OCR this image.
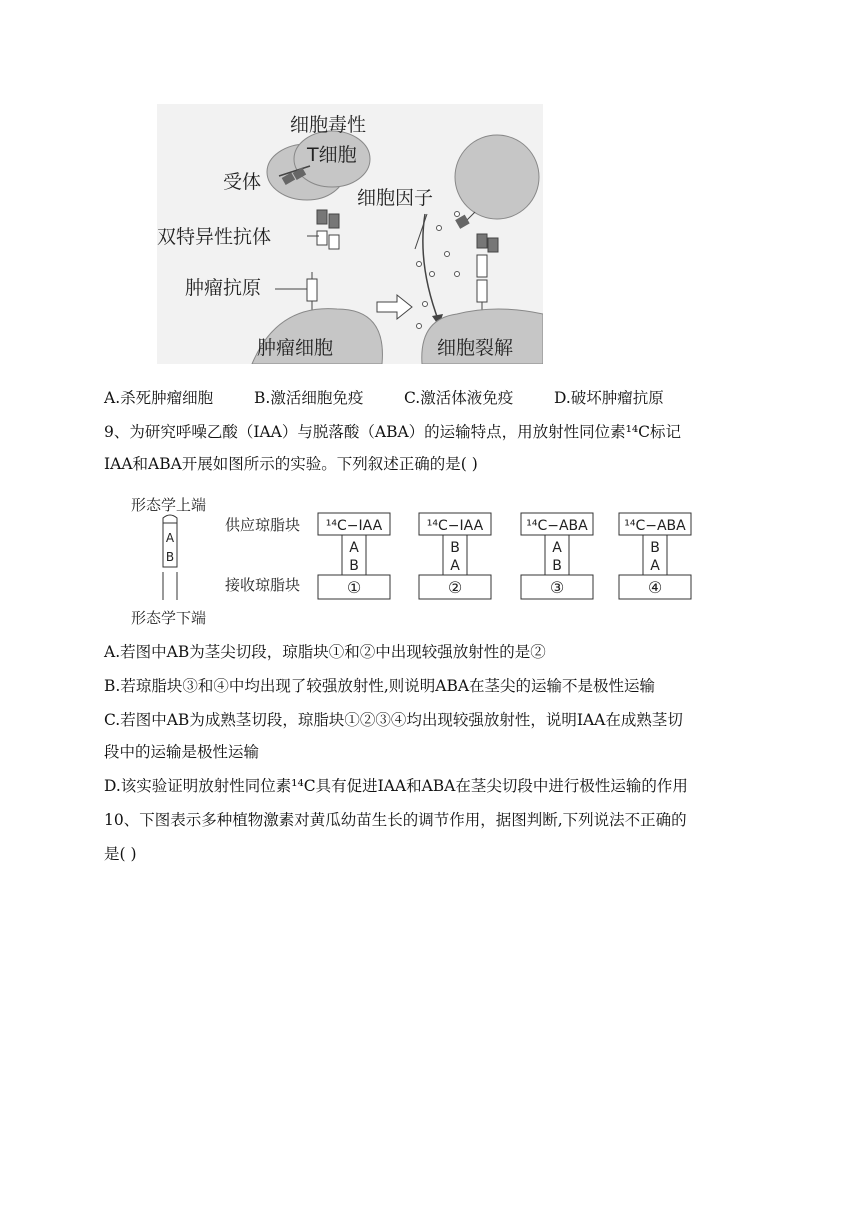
细胞毒性
T细胞
受体
双特异性抗体
肿瘤抗原
肿瘤细胞
细胞因子
细胞裂解
A.杀死肿瘤细胞	B.激活细胞免疫	C.激活体液免疫	D.破坏肿瘤抗原
9、为研究呼噪乙酸（IAA）与脱落酸（ABA）的运输特点，用放射性同位素¹⁴C标记
IAA和ABA开展如图所示的实验。下列叙述正确的是( )
形态学上端
形态学下端
A
B
供应琼脂块
接收琼脂块
¹⁴C−IAA
A
B
①
¹⁴C−IAA
B
A
②
¹⁴C−ABA
A
B
③
¹⁴C−ABA
B
A
④
A.若图中AB为茎尖切段，琼脂块①和②中出现较强放射性的是②
B.若琼脂块③和④中均出现了较强放射性,则说明ABA在茎尖的运输不是极性运输
C.若图中AB为成熟茎切段，琼脂块①②③④均出现较强放射性，说明IAA在成熟茎切
段中的运输是极性运输
D.该实验证明放射性同位素¹⁴C具有促进IAA和ABA在茎尖切段中进行极性运输的作用
10、下图表示多种植物激素对黄瓜幼苗生长的调节作用，据图判断,下列说法不正确的
是( )
